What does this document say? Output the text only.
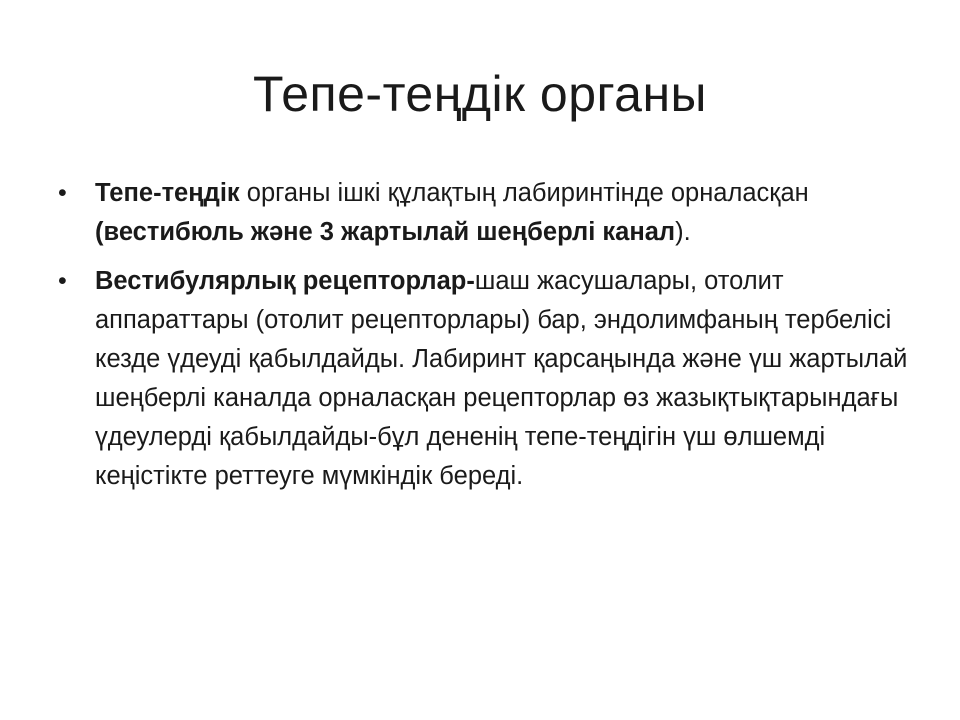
Тепе-теңдік органы
• Тепе-теңдік органы ішкі құлақтың лабиринтінде орналасқан (вестибюль және 3 жартылай шеңберлі канал).
• Вестибулярлық рецепторлар-шаш жасушалары, отолит аппараттары (отолит рецепторлары) бар, эндолимфаның тербелісі кезде үдеуді қабылдайды. Лабиринт қарсаңында және үш жартылай шеңберлі каналда орналасқан рецепторлар өз жазықтықтарындағы үдеулерді қабылдайды-бұл дененің тепе-теңдігін үш өлшемді кеңістікте реттеуге мүмкіндік береді.
